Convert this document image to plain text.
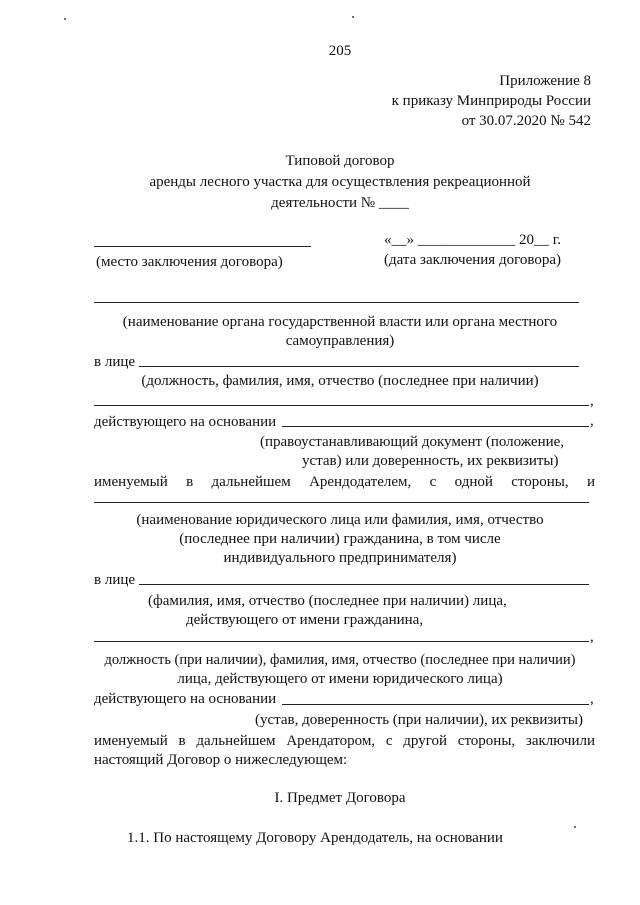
205
Приложение 8
к приказу Минприроды России
от 30.07.2020 № 542
Типовой договор
аренды лесного участка для осуществления рекреационной
деятельности № ____
«__» _____________ 20__ г.
(место заключения договора)	(дата заключения договора)
(наименование органа государственной власти или органа местного
самоуправления)
в лице
(должность, фамилия, имя, отчество (последнее при наличии)
,
действующего на основании	,
(правоустанавливающий документ (положение,
устав) или доверенность, их реквизиты)
именуемый в дальнейшем Арендодателем, с одной стороны, и
(наименование юридического лица или фамилия, имя, отчество
(последнее при наличии) гражданина, в том числе
индивидуального предпринимателя)
в лице
(фамилия, имя, отчество (последнее при наличии) лица,
действующего от имени гражданина,
,
должность (при наличии), фамилия, имя, отчество (последнее при наличии)
лица, действующего от имени юридического лица)
действующего на основании	,
(устав, доверенность (при наличии), их реквизиты)
именуемый в дальнейшем Арендатором, с другой стороны, заключили
настоящий Договор о нижеследующем:
I. Предмет Договора
1.1. По настоящему Договору Арендодатель, на основании
